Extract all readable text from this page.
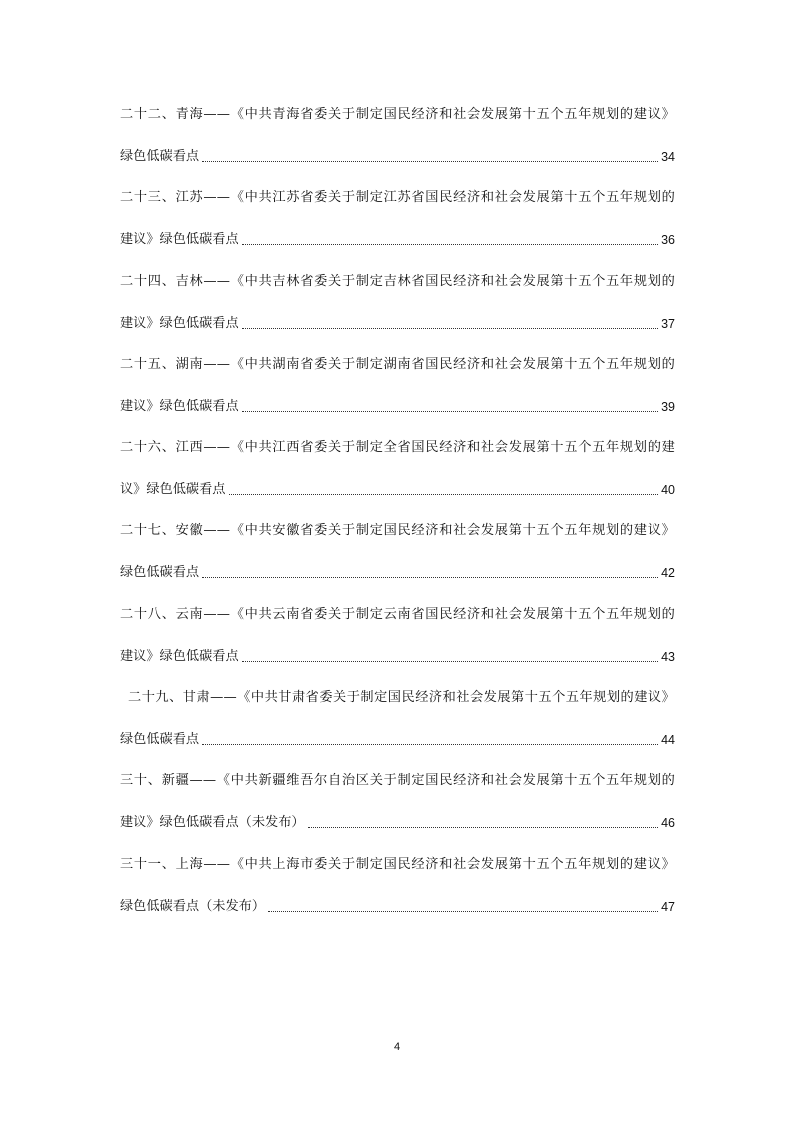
二十二、青海——《中共青海省委关于制定国民经济和社会发展第十五个五年规划的建议》
绿色低碳看点	34
二十三、江苏——《中共江苏省委关于制定江苏省国民经济和社会发展第十五个五年规划的
建议》绿色低碳看点	36
二十四、吉林——《中共吉林省委关于制定吉林省国民经济和社会发展第十五个五年规划的
建议》绿色低碳看点	37
二十五、湖南——《中共湖南省委关于制定湖南省国民经济和社会发展第十五个五年规划的
建议》绿色低碳看点	39
二十六、江西——《中共江西省委关于制定全省国民经济和社会发展第十五个五年规划的建
议》绿色低碳看点	40
二十七、安徽——《中共安徽省委关于制定国民经济和社会发展第十五个五年规划的建议》
绿色低碳看点	42
二十八、云南——《中共云南省委关于制定云南省国民经济和社会发展第十五个五年规划的
建议》绿色低碳看点	43
二十九、甘肃——《中共甘肃省委关于制定国民经济和社会发展第十五个五年规划的建议》
绿色低碳看点	44
三十、新疆——《中共新疆维吾尔自治区关于制定国民经济和社会发展第十五个五年规划的
建议》绿色低碳看点（未发布）	46
三十一、上海——《中共上海市委关于制定国民经济和社会发展第十五个五年规划的建议》
绿色低碳看点（未发布）	47
4
